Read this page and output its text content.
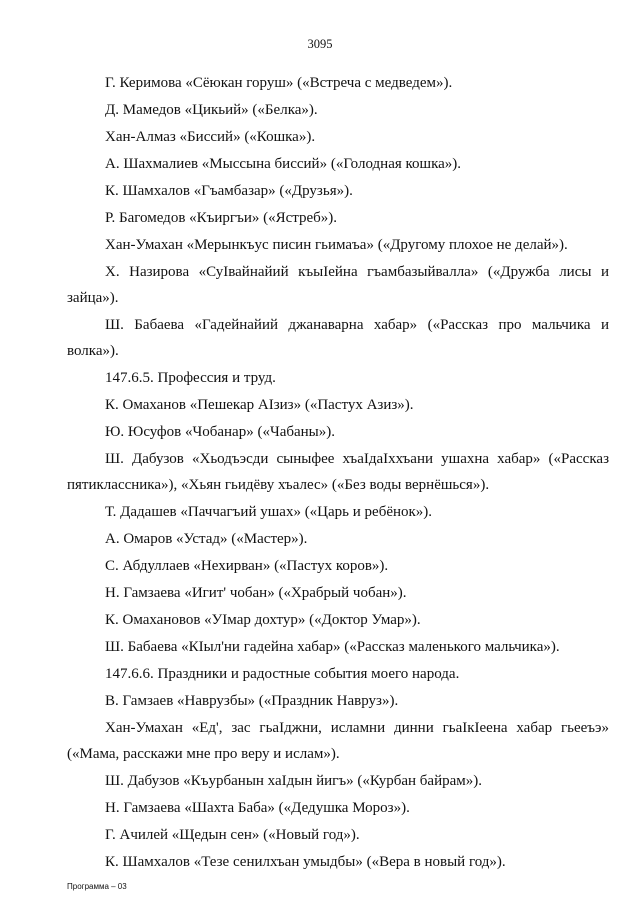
3095
Г. Керимова «Сёюкан горуш» («Встреча с медведем»).
Д. Мамедов «Цикьий» («Белка»).
Хан-Алмаз «Биссий» («Кошка»).
А. Шахмалиев «Мыссына биссий» («Голодная кошка»).
К. Шамхалов «Гъамбазар» («Друзья»).
Р. Багомедов «Къиргъи» («Ястреб»).
Хан-Умахан «Мерынкъус писин гьимаъа» («Другому плохое не делай»).
Х. Назирова «СуIвайнайий къыIейна гъамбазыйвалла» («Дружба лисы и зайца»).
Ш. Бабаева «Гадейнайий джанаварна хабар» («Рассказ про мальчика и волка»).
147.6.5. Профессия и труд.
К. Омаханов «Пешекар АIзиз» («Пастух Азиз»).
Ю. Юсуфов «Чобанар» («Чабаны»).
Ш. Дабузов «Хьодъэсди сыныфее хъаIдаIххъани ушахна хабар» («Рассказ пятиклассника»), «Хьян гьидёву хъалес» («Без воды вернёшься»).
Т. Дадашев «Паччагъий ушах» («Царь и ребёнок»).
А. Омаров «Устад» («Мастер»).
С. Абдуллаев «Нехирван» («Пастух коров»).
Н. Гамзаева «Игит' чобан» («Храбрый чобан»).
К. Омахановов «УIмар дохтур» («Доктор Умар»).
Ш. Бабаева «КIыл'ни гадейна хабар» («Рассказ маленького мальчика»).
147.6.6. Праздники и радостные события моего народа.
В. Гамзаев «Наврузбы» («Праздник Навруз»).
Хан-Умахан «Ед', зас гьаIджни, исламни динни гьаIкIеена хабар гьееъэ» («Мама, расскажи мне про веру и ислам»).
Ш. Дабузов «Къурбанын хаIдын йигъ» («Курбан байрам»).
Н. Гамзаева «Шахта Баба» («Дедушка Мороз»).
Г. Ачилей «Щедын сен» («Новый год»).
К. Шамхалов «Тезе сенилхъан умыдбы» («Вера в новый год»).
Программа – 03
